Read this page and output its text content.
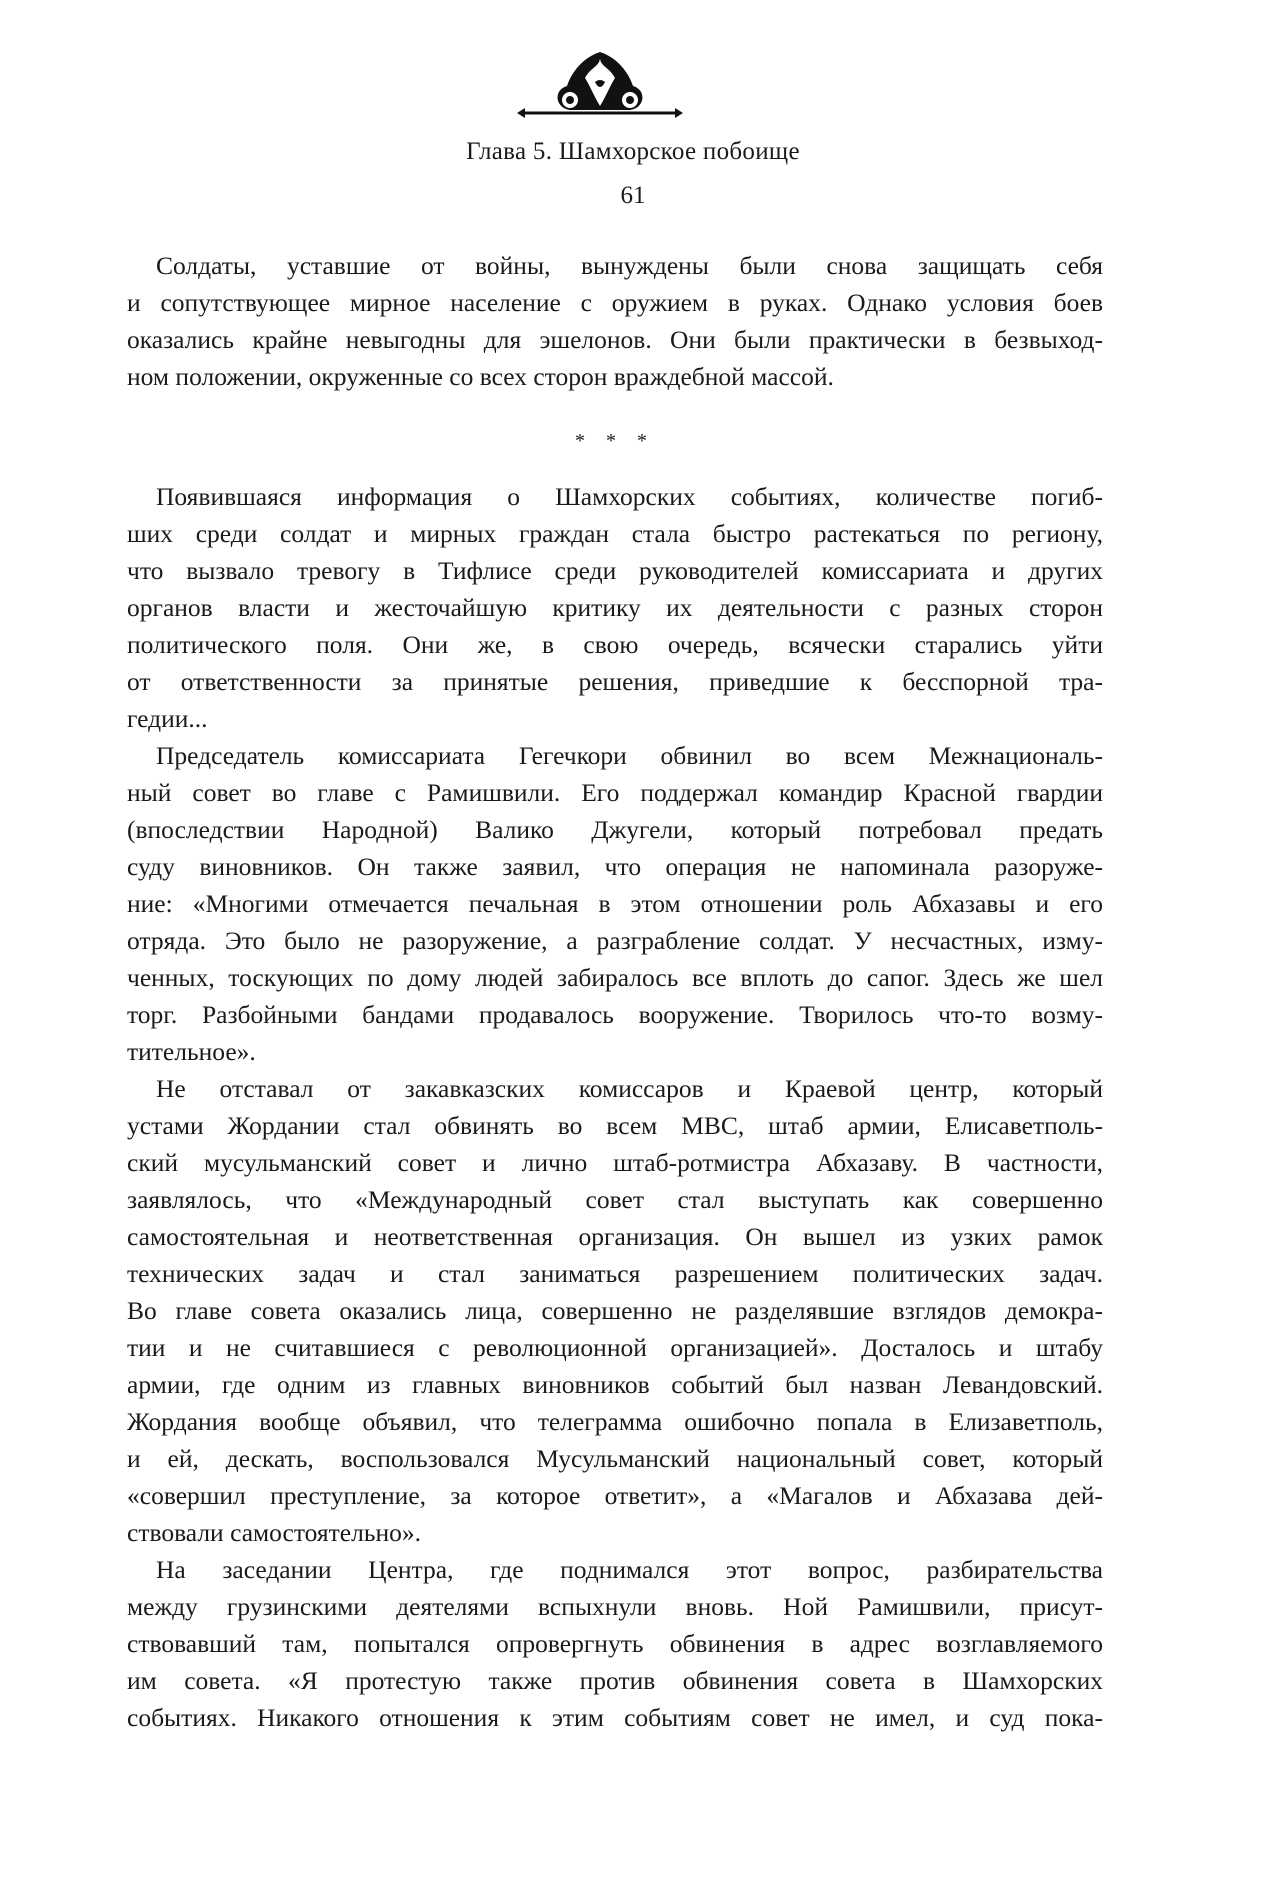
Глава 5. Шамхорское побоище
61
Солдаты, уставшие от войны, вынуждены были снова защищать себя
и сопутствующее мирное население с оружием в руках. Однако условия боев
оказались крайне невыгодны для эшелонов. Они были практически в безвыход-
ном положении, окруженные со всех сторон враждебной массой.
* * *
Появившаяся информация о Шамхорских событиях, количестве погиб-
ших среди солдат и мирных граждан стала быстро растекаться по региону,
что вызвало тревогу в Тифлисе среди руководителей комиссариата и других
органов власти и жесточайшую критику их деятельности с разных сторон
политического поля. Они же, в свою очередь, всячески старались уйти
от ответственности за принятые решения, приведшие к бесспорной тра-
гедии...
Председатель комиссариата Гегечкори обвинил во всем Межнациональ-
ный совет во главе с Рамишвили. Его поддержал командир Красной гвардии
(впоследствии Народной) Валико Джугели, который потребовал предать
суду виновников. Он также заявил, что операция не напоминала разоруже-
ние: «Многими отмечается печальная в этом отношении роль Абхазавы и его
отряда. Это было не разоружение, а разграбление солдат. У несчастных, изму-
ченных, тоскующих по дому людей забиралось все вплоть до сапог. Здесь же шел
торг. Разбойными бандами продавалось вооружение. Творилось что-то возму-
тительное».
Не отставал от закавказских комиссаров и Краевой центр, который
устами Жордании стал обвинять во всем МВС, штаб армии, Елисаветполь-
ский мусульманский совет и лично штаб-ротмистра Абхазаву. В частности,
заявлялось, что «Международный совет стал выступать как совершенно
самостоятельная и неответственная организация. Он вышел из узких рамок
технических задач и стал заниматься разрешением политических задач.
Во главе совета оказались лица, совершенно не разделявшие взглядов демокра-
тии и не считавшиеся с революционной организацией». Досталось и штабу
армии, где одним из главных виновников событий был назван Левандовский.
Жордания вообще объявил, что телеграмма ошибочно попала в Елизаветполь,
и ей, дескать, воспользовался Мусульманский национальный совет, который
«совершил преступление, за которое ответит», а «Магалов и Абхазава дей-
ствовали самостоятельно».
На заседании Центра, где поднимался этот вопрос, разбирательства
между грузинскими деятелями вспыхнули вновь. Ной Рамишвили, присут-
ствовавший там, попытался опровергнуть обвинения в адрес возглавляемого
им совета. «Я протестую также против обвинения совета в Шамхорских
событиях. Никакого отношения к этим событиям совет не имел, и суд пока-
